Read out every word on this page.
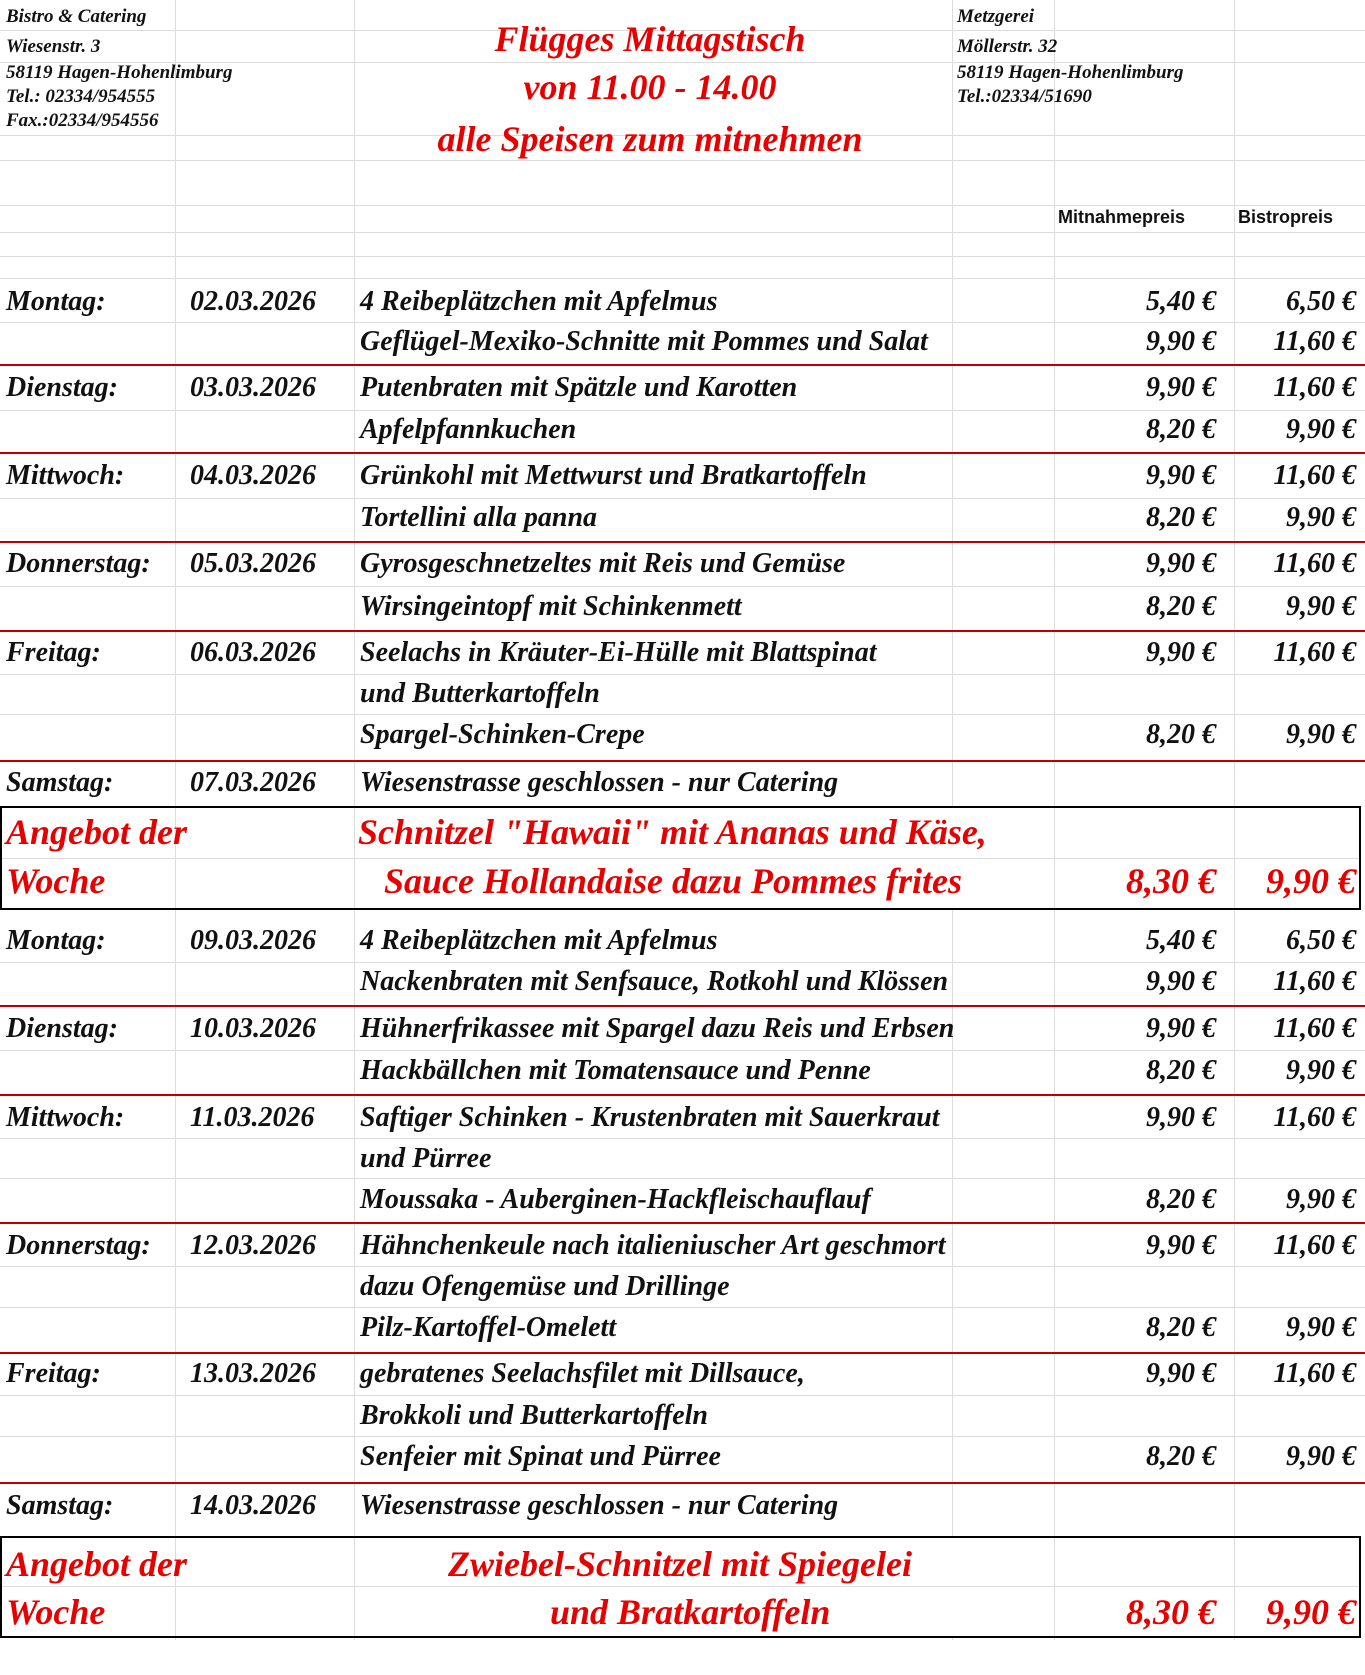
Bistro & Catering
Wiesenstr. 3
58119 Hagen-Hohenlimburg
Tel.: 02334/954555
Fax.:02334/954556
Flügges Mittagstisch
von 11.00 - 14.00
alle Speisen zum mitnehmen
Metzgerei
Möllerstr. 32
58119 Hagen-Hohenlimburg
Tel.:02334/51690
Mitnahmepreis	Bistropreis
Montag:	02.03.2026 4 Reibeplätzchen mit Apfelmus	5,40 €	6,50 €
Geflügel-Mexiko-Schnitte mit Pommes und Salat	9,90 €	11,60 €
Dienstag:	03.03.2026 Putenbraten mit Spätzle und Karotten	9,90 €	11,60 €
Apfelpfannkuchen	8,20 €	9,90 €
Mittwoch: 04.03.2026 Grünkohl mit Mettwurst und Bratkartoffeln	9,90 €	11,60 €
Tortellini alla panna	8,20 €	9,90 €
Donnerstag: 05.03.2026 Gyrosgeschnetzeltes mit Reis und Gemüse	9,90 €	11,60 €
Wirsingeintopf mit Schinkenmett	8,20 €	9,90 €
Freitag:	06.03.2026 Seelachs in Kräuter-Ei-Hülle mit Blattspinat	9,90 €	11,60 €
und Butterkartoffeln
Spargel-Schinken-Crepe	8,20 €	9,90 €
Samstag:	07.03.2026 Wiesenstrasse geschlossen - nur Catering
Angebot der
Woche
Schnitzel "Hawaii" mit Ananas und Käse,
Sauce Hollandaise dazu Pommes frites	8,30 €	9,90 €
Montag:	09.03.2026 4 Reibeplätzchen mit Apfelmus	5,40 €	6,50 €
Nackenbraten mit Senfsauce, Rotkohl und Klössen	9,90 €	11,60 €
Dienstag:	10.03.2026 Hühnerfrikassee mit Spargel dazu Reis und Erbsen	9,90 €	11,60 €
Hackbällchen mit Tomatensauce und Penne	8,20 €	9,90 €
Mittwoch: 11.03.2026 Saftiger Schinken - Krustenbraten mit Sauerkraut	9,90 €	11,60 €
und Pürree
Moussaka - Auberginen-Hackfleischauflauf	8,20 €	9,90 €
Donnerstag: 12.03.2026 Hähnchenkeule nach italieniuscher Art geschmort	9,90 €	11,60 €
dazu Ofengemüse und Drillinge
Pilz-Kartoffel-Omelett	8,20 €	9,90 €
Freitag:	13.03.2026 gebratenes Seelachsfilet mit Dillsauce,	9,90 €	11,60 €
Brokkoli und Butterkartoffeln
Senfeier mit Spinat und Pürree	8,20 €	9,90 €
Samstag:	14.03.2026 Wiesenstrasse geschlossen - nur Catering
Angebot der
Woche
Zwiebel-Schnitzel mit Spiegelei
und Bratkartoffeln	8,30 €	9,90 €
